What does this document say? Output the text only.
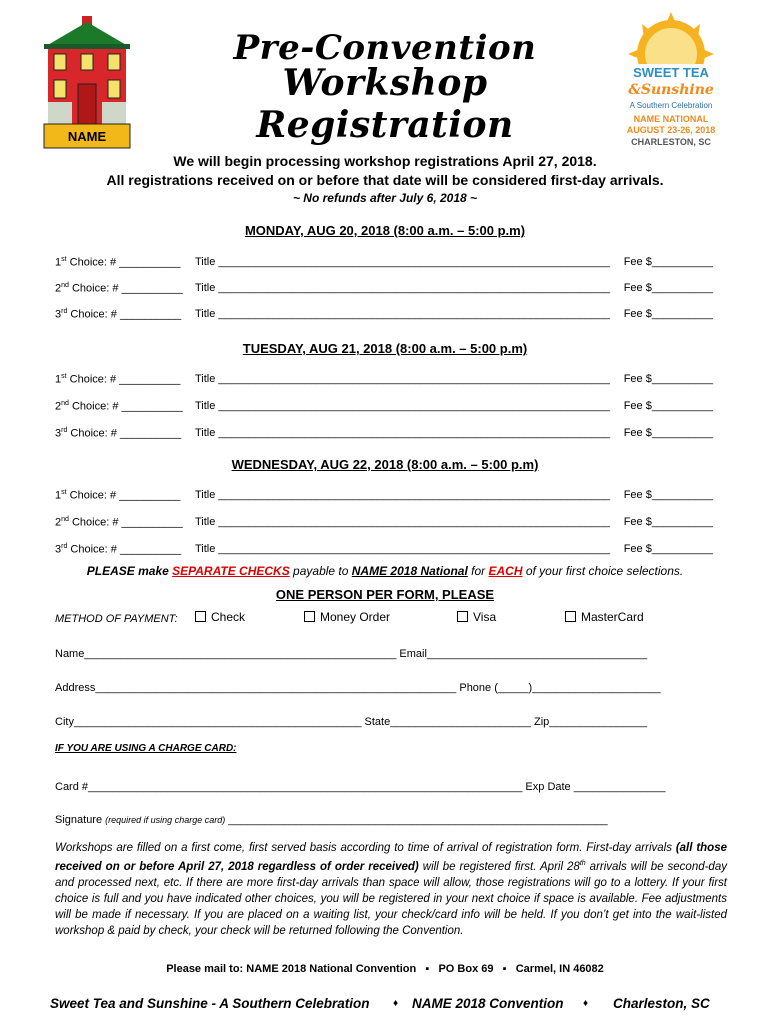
NAME
Pre-Convention
Workshop Registration
SWEET TEA
&Sunshine
A Southern Celebration
NAME NATIONAL
AUGUST 23-26, 2018
CHARLESTON, SC
We will begin processing workshop registrations April 27, 2018.
All registrations received on or before that date will be considered first-day arrivals.
~ No refunds after July 6, 2018 ~
MONDAY, AUG 20, 2018 (8:00 a.m. – 5:00 p.m)
1st Choice: # __________ Title ________________________________________________________________ Fee $__________
2nd Choice: # __________ Title ________________________________________________________________ Fee $__________
3rd Choice: # __________ Title ________________________________________________________________ Fee $__________
TUESDAY, AUG 21, 2018 (8:00 a.m. – 5:00 p.m)
1st Choice: # __________ Title ________________________________________________________________ Fee $__________
2nd Choice: # __________ Title ________________________________________________________________ Fee $__________
3rd Choice: # __________ Title ________________________________________________________________ Fee $__________
WEDNESDAY, AUG 22, 2018 (8:00 a.m. – 5:00 p.m)
1st Choice: # __________ Title ________________________________________________________________ Fee $__________
2nd Choice: # __________ Title ________________________________________________________________ Fee $__________
3rd Choice: # __________ Title ________________________________________________________________ Fee $__________
PLEASE make SEPARATE CHECKS payable to NAME 2018 National for EACH of your first choice selections.
ONE PERSON PER FORM, PLEASE
METHOD OF PAYMENT:	Check	Money Order	Visa	MasterCard
Name___________________________________________________ Email____________________________________
Address___________________________________________________________ Phone (_____)_____________________
City_______________________________________________ State_______________________ Zip________________
IF YOU ARE USING A CHARGE CARD:
Card #_______________________________________________________________________ Exp Date _______________
Signature (required if using charge card) ______________________________________________________________
Workshops are filled on a first come, first served basis according to time of arrival of registration form. First-day arrivals (all those received on or before April 27, 2018 regardless of order received) will be registered first. April 28th arrivals will be second-day and processed next, etc. If there are more first-day arrivals than space will allow, those registrations will go to a lottery. If your first choice is full and you have indicated other choices, you will be registered in your next choice if space is available. Fee adjustments will be made if necessary. If you are placed on a waiting list, your check/card info will be held. If you don’t get into the wait-listed workshop & paid by check, your check will be returned following the Convention.
Please mail to: NAME 2018 National Convention ▪ PO Box 69 ▪ Carmel, IN 46082
Sweet Tea and Sunshine - A Southern Celebration ♦ NAME 2018 Convention ♦ Charleston, SC
